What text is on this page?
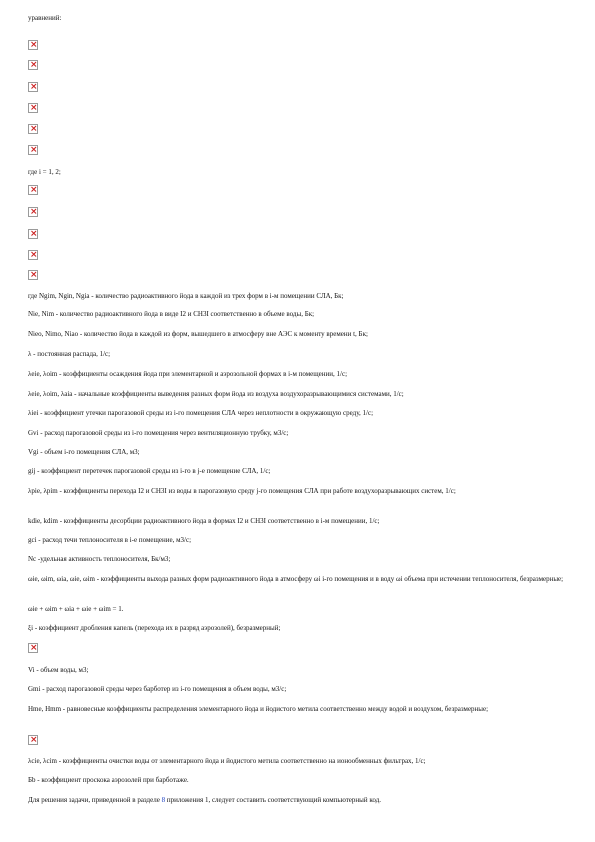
уравнений:
×
×
×
×
×
×
где i = 1, 2;
×
×
×
×
×
где Ngim, Ngin, Ngia - количество радиоактивного йода в каждой из трех форм в i-м помещении СЛА, Бк;
Nie, Nim - количество радиоактивного йода в виде I2 и CH3I соответственно в объеме воды, Бк;
Nieo, Nimo, Niao - количество йода в каждой из форм, вышедшего в атмосферу вне АЭС к моменту времени t, Бк;
λ - постоянная распада, 1/с;
λеie, λоim - коэффициенты осаждения йода при элементарной и аэрозольной формах в i-м помещении, 1/с;
λeie, λoim, λaia - начальные коэффициенты выведения разных форм йода из воздуха воздухоразрывающимися системами, 1/с;
λiei - коэффициент утечки парогазовой среды из i-го помещения СЛА через неплотности в окружающую среду, 1/с;
Gvi - расход парогазовой среды из i-го помещения через вентиляционную трубку, м3/с;
Vgi - объем i-го помещения СЛА, м3;
gij - коэффициент перетечек парогазовой среды из i-го в j-е помещение СЛА, 1/с;
λpie, λpim - коэффициенты перехода I2 и CH3I из воды в парогазовую среду j-го помещения СЛА при работе воздухоразрывающих систем, 1/с;
kdie, kdim - коэффициенты десорбции радиоактивного йода в формах I2 и CH3I соответственно в i-м помещении, 1/с;
gci - расход течи теплоносителя в i-е помещение, м3/с;
Nc -удельная активность теплоносителя, Бк/м3;
ωie, ωim, ωia, ωie, ωim - коэффициенты выхода разных форм радиоактивного йода в атмосферу ωi i-го помещения и в воду ωi объема при истечении теплоносителя, безразмерные;
ωie + ωim + ωia + ωie + ωim = 1.
ξi - коэффициент дробления капель (перехода их в разряд аэрозолей), безразмерный;
×
Vi - объем воды, м3;
Gmi - расход парогазовой среды через барботер из i-го помещения в объем воды, м3/с;
Hme, Hmm - равновесные коэффициенты распределения элементарного йода и йодистого метила соответственно между водой и воздухом, безразмерные;
×
λсie, λсim - коэффициенты очистки воды от элементарного йода и йодистого метила соответственно на ионообменных фильтрах, 1/с;
Бb - коэффициент проскока аэрозолей при барботаже.
Для решения задачи, приведенной в разделе 8 приложения 1, следует составить соответствующий компьютерный код.
